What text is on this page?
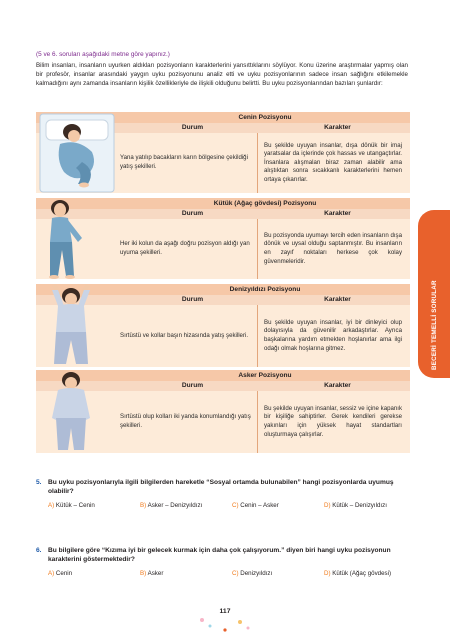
(5 ve 6. soruları aşağıdaki metne göre yapınız.)

Bilim insanları, insanların uyurken aldıkları pozisyonların karakterlerini yansıttıklarını söylüyor. Konu üzerine araştırmalar yapmış olan bir profesör, insanlar arasındaki yaygın uyku pozisyonunu analiz etti ve uyku pozisyonlarının sadece insan sağlığını etkilemekle kalmadığını aynı zamanda insanların kişilik özellikleriyle de ilişkili olduğunu belirtti. Bu uyku pozisyonlarından bazıları şunlardır:

Cenin Pozisyonu
Durum	Karakter
Yana yatılıp bacakların karın bölgesine çekildiği yatış şekilleri.
Bu şekilde uyuyan insanlar, dışa dönük bir imaj yaratsalar da içlerinde çok hassas ve utangaçtırlar. İnsanlara alışmaları biraz zaman alabilir ama alıştıktan sonra sıcakkanlı karakterlerini hemen ortaya çıkarırlar.
Kütük (Ağaç gövdesi) Pozisyonu
Durum	Karakter
Her iki kolun da aşağı doğru pozisyon aldığı yan uyuma şekilleri.
Bu pozisyonda uyumayı tercih eden insanların dışa dönük ve uysal olduğu saptanmıştır. Bu insanların en zayıf noktaları herkese çok kolay güvenmeleridir.
Denizyıldızı Pozisyonu
Durum	Karakter
Sırtüstü ve kollar başın hizasında yatış şekilleri.
Bu şekilde uyuyan insanlar, iyi bir dinleyici olup dolayısıyla da güvenilir arkadaştırlar. Ayrıca başkalarına yardım etmekten hoşlanırlar ama ilgi odağı olmak hoşlarına gitmez.
Asker Pozisyonu
Durum	Karakter
Sırtüstü olup kolları iki yanda konumlandığı yatış şekilleri.
Bu şekilde uyuyan insanlar, sessiz ve içine kapanık bir kişiliğe sahiptirler. Gerek kendileri gerekse yakınları için yüksek hayat standartları oluşturmaya çalışırlar.
BECERİ TEMELLİ SORULAR
5. Bu uyku pozisyonlarıyla ilgili bilgilerden hareketle “Sosyal ortamda bulunabilen” hangi pozisyonlarda uyumuş olabilir?
A) Kütük – Cenin	B) Asker – Denizyıldızı	C) Cenin – Asker	D) Kütük – Denizyıldızı
6. Bu bilgilere göre “Kızıma iyi bir gelecek kurmak için daha çok çalışıyorum.” diyen biri hangi uyku pozisyonun karakterini göstermektedir?
A) Cenin	B) Asker	C) Denizyıldızı	D) Kütük (Ağaç gövdesi)
117
